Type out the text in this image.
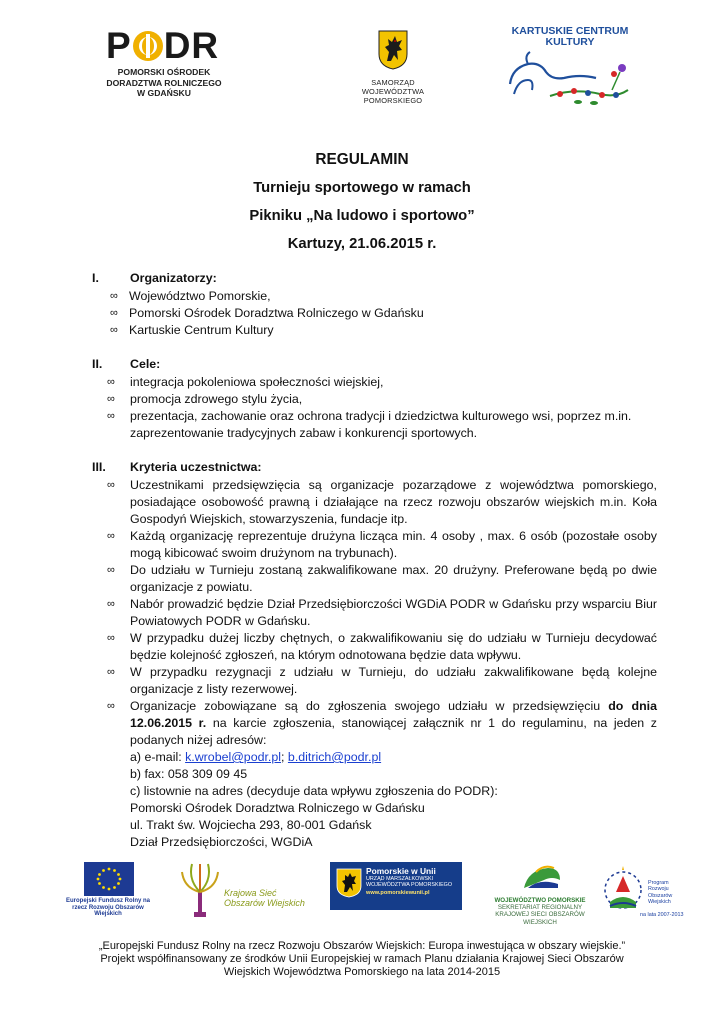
P DR
POMORSKI OŚRODEK
DORADZTWA ROLNICZEGO
W GDAŃSKU
SAMORZĄD
WOJEWÓDZTWA POMORSKIEGO
KARTUSKIE CENTRUM
KULTURY
REGULAMIN
Turnieju sportowego w ramach
Pikniku „Na ludowo i sportowo”
Kartuzy, 21.06.2015 r.
I.	Organizatorzy:
∞ Województwo Pomorskie,
∞ Pomorski Ośrodek Doradztwa Rolniczego w Gdańsku
∞ Kartuskie Centrum Kultury
II. Cele:
∞ integracja pokoleniowa społeczności wiejskiej,
∞ promocja zdrowego stylu życia,
∞ prezentacja, zachowanie oraz ochrona tradycji i dziedzictwa kulturowego wsi, poprzez m.in. zaprezentowanie tradycyjnych zabaw i konkurencji sportowych.
III. Kryteria uczestnictwa:
∞ Uczestnikami przedsięwzięcia są organizacje pozarządowe z województwa pomorskiego, posiadające osobowość prawną i działające na rzecz rozwoju obszarów wiejskich m.in. Koła Gospodyń Wiejskich, stowarzyszenia, fundacje itp.
∞ Każdą organizację reprezentuje drużyna licząca min. 4 osoby , max. 6 osób (pozostałe osoby mogą kibicować swoim drużynom na trybunach).
∞ Do udziału w Turnieju zostaną zakwalifikowane max. 20 drużyny. Preferowane będą po dwie organizacje z powiatu.
∞ Nabór prowadzić będzie Dział Przedsiębiorczości WGDiA PODR w Gdańsku przy wsparciu Biur Powiatowych PODR w Gdańsku.
∞ W przypadku dużej liczby chętnych, o zakwalifikowaniu się do udziału w Turnieju decydować będzie kolejność zgłoszeń, na którym odnotowana będzie data wpływu.
∞ W przypadku rezygnacji z udziału w Turnieju, do udziału zakwalifikowane będą kolejne organizacje z listy rezerwowej.
∞ Organizacje zobowiązane są do zgłoszenia swojego udziału w przedsięwzięciu do dnia 12.06.2015 r. na karcie zgłoszenia, stanowiącej załącznik nr 1 do regulaminu, na jeden z podanych niżej adresów:
a) e-mail: k.wrobel@podr.pl; b.ditrich@podr.pl
b) fax: 058 309 09 45
c) listownie na adres (decyduje data wpływu zgłoszenia do PODR):
Pomorski Ośrodek Doradztwa Rolniczego w Gdańsku
ul. Trakt św. Wojciecha 293, 80-001 Gdańsk
Dział Przedsiębiorczości, WGDiA
Europejski Fundusz Rolny na rzecz Rozwoju Obszarów Wiejskich
Krajowa Sieć
Obszarów Wiejskich
Pomorskie w Unii
URZĄD MARSZAŁKOWSKI
WOJEWÓDZTWA POMORSKIEGO
www.pomorskiewunii.pl
WOJEWÓDZTWO POMORSKIE
SEKRETARIAT REGIONALNY
KRAJOWEJ SIECI OBSZARÓW WIEJSKICH
Program
Rozwoju
Obszarów
Wiejskich
na lata 2007-2013
„Europejski Fundusz Rolny na rzecz Rozwoju Obszarów Wiejskich: Europa inwestująca w obszary wiejskie.”
Projekt współfinansowany ze środków Unii Europejskiej w ramach Planu działania Krajowej Sieci Obszarów
Wiejskich Województwa Pomorskiego na lata 2014-2015
